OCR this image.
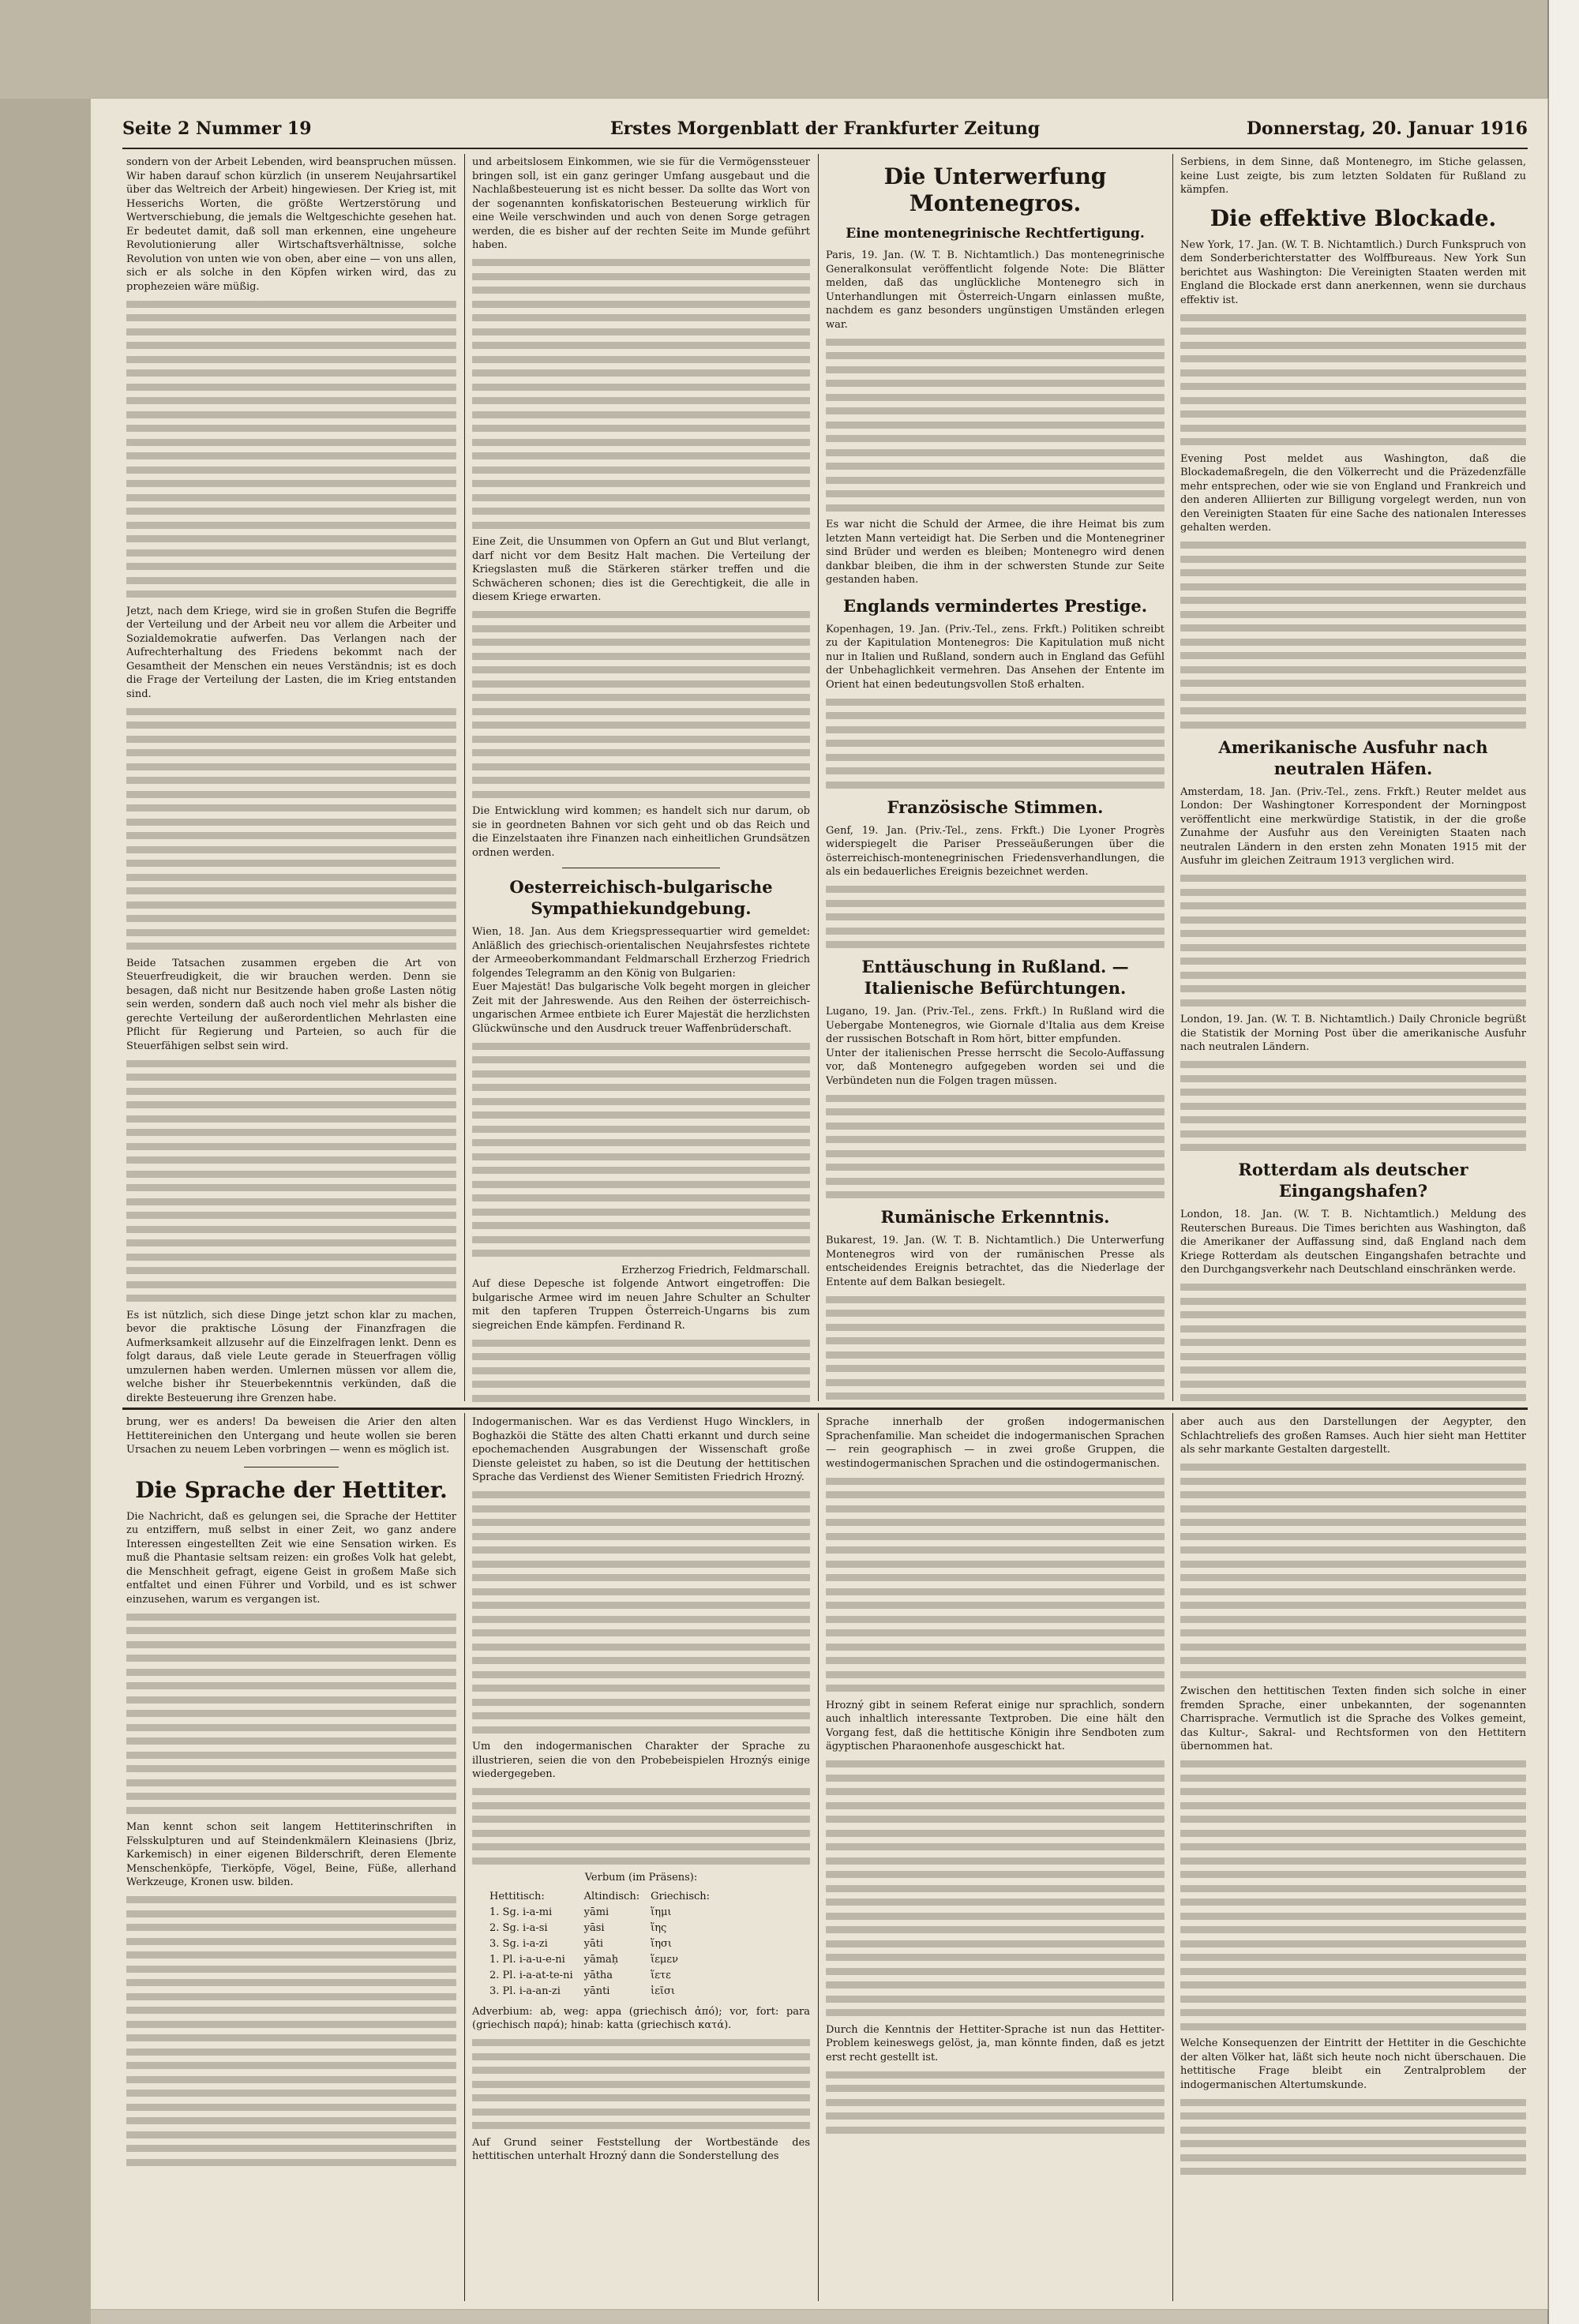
Seite 2 Nummer 19	Erstes Morgenblatt der Frankfurter Zeitung	Donnerstag, 20. Januar 1916

sondern von der Arbeit Lebenden, wird beanspruchen müssen. Wir haben darauf schon kürzlich (in unserem Neujahrsartikel über das Weltreich der Arbeit) hingewiesen. Der Krieg ist, mit Hesserichs Worten, die größte Wertzerstörung und Wertverschiebung, die jemals die Weltgeschichte gesehen hat. Er bedeutet damit, daß soll man erkennen, eine ungeheure Revolutionierung aller Wirtschaftsverhältnisse, solche Revolution von unten wie von oben, aber eine — von uns allen, sich er als solche in den Köpfen wirken wird, das zu prophezeien wäre müßig.

Jetzt, nach dem Kriege, wird sie in großen Stufen die Begriffe der Verteilung und der Arbeit neu vor allem die Arbeiter und Sozialdemokratie aufwerfen. Das Verlangen nach der Aufrechterhaltung des Friedens bekommt nach der Gesamtheit der Menschen ein neues Verständnis; ist es doch die Frage der Verteilung der Lasten, die im Krieg entstanden sind.

Beide Tatsachen zusammen ergeben die Art von Steuerfreudigkeit, die wir brauchen werden. Denn sie besagen, daß nicht nur Besitzende haben große Lasten nötig sein werden, sondern daß auch noch viel mehr als bisher die gerechte Verteilung der außerordentlichen Mehrlasten eine Pflicht für Regierung und Parteien, so auch für die Steuerfähigen selbst sein wird.

Es ist nützlich, sich diese Dinge jetzt schon klar zu machen, bevor die praktische Lösung der Finanzfragen die Aufmerksamkeit allzusehr auf die Einzelfragen lenkt. Denn es folgt daraus, daß viele Leute gerade in Steuerfragen völlig umzulernen haben werden. Umlernen müssen vor allem die, welche bisher ihr Steuerbekenntnis verkünden, daß die direkte Besteuerung ihre Grenzen habe.

und arbeitslosem Einkommen, wie sie für die Vermögenssteuer bringen soll, ist ein ganz geringer Umfang ausgebaut und die Nachlaßbesteuerung ist es nicht besser. Da sollte das Wort von der sogenannten konfiskatorischen Besteuerung wirklich für eine Weile verschwinden und auch von denen Sorge getragen werden, die es bisher auf der rechten Seite im Munde geführt haben.

Eine Zeit, die Unsummen von Opfern an Gut und Blut verlangt, darf nicht vor dem Besitz Halt machen. Die Verteilung der Kriegslasten muß die Stärkeren stärker treffen und die Schwächeren schonen; dies ist die Gerechtigkeit, die alle in diesem Kriege erwarten.

Die Entwicklung wird kommen; es handelt sich nur darum, ob sie in geordneten Bahnen vor sich geht und ob das Reich und die Einzelstaaten ihre Finanzen nach einheitlichen Grundsätzen ordnen werden.

Oesterreichisch-bulgarische Sympathiekundgebung.

Wien, 18. Jan. Aus dem Kriegspressequartier wird gemeldet: Anläßlich des griechisch-orientalischen Neujahrsfestes richtete der Armeeoberkommandant Feldmarschall Erzherzog Friedrich folgendes Telegramm an den König von Bulgarien:

Euer Majestät! Das bulgarische Volk begeht morgen in gleicher Zeit mit der Jahreswende. Aus den Reihen der österreichisch-ungarischen Armee entbiete ich Eurer Majestät die herzlichsten Glückwünsche und den Ausdruck treuer Waffenbrüderschaft.

Erzherzog Friedrich, Feldmarschall.

Auf diese Depesche ist folgende Antwort eingetroffen: Die bulgarische Armee wird im neuen Jahre Schulter an Schulter mit den tapferen Truppen Österreich-Ungarns bis zum siegreichen Ende kämpfen. Ferdinand R.

Die Unterwerfung Montenegros.
Eine montenegrinische Rechtfertigung.

Paris, 19. Jan. (W. T. B. Nichtamtlich.) Das montenegrinische Generalkonsulat veröffentlicht folgende Note: Die Blätter melden, daß das unglückliche Montenegro sich in Unterhandlungen mit Österreich-Ungarn einlassen mußte, nachdem es ganz besonders ungünstigen Umständen erlegen war.

Es war nicht die Schuld der Armee, die ihre Heimat bis zum letzten Mann verteidigt hat. Die Serben und die Montenegriner sind Brüder und werden es bleiben; Montenegro wird denen dankbar bleiben, die ihm in der schwersten Stunde zur Seite gestanden haben.

Englands vermindertes Prestige.

Kopenhagen, 19. Jan. (Priv.-Tel., zens. Frkft.) Politiken schreibt zu der Kapitulation Montenegros: Die Kapitulation muß nicht nur in Italien und Rußland, sondern auch in England das Gefühl der Unbehaglichkeit vermehren. Das Ansehen der Entente im Orient hat einen bedeutungsvollen Stoß erhalten.

Französische Stimmen.

Genf, 19. Jan. (Priv.-Tel., zens. Frkft.) Die Lyoner Progrès widerspiegelt die Pariser Presseäußerungen über die österreichisch-montenegrinischen Friedensverhandlungen, die als ein bedauerliches Ereignis bezeichnet werden.

Enttäuschung in Rußland. — Italienische Befürchtungen.

Lugano, 19. Jan. (Priv.-Tel., zens. Frkft.) In Rußland wird die Uebergabe Montenegros, wie Giornale d'Italia aus dem Kreise der russischen Botschaft in Rom hört, bitter empfunden.

Unter der italienischen Presse herrscht die Secolo-Auffassung vor, daß Montenegro aufgegeben worden sei und die Verbündeten nun die Folgen tragen müssen.

Rumänische Erkenntnis.

Bukarest, 19. Jan. (W. T. B. Nichtamtlich.) Die Unterwerfung Montenegros wird von der rumänischen Presse als entscheidendes Ereignis betrachtet, das die Niederlage der Entente auf dem Balkan besiegelt.

Serbiens, in dem Sinne, daß Montenegro, im Stiche gelassen, keine Lust zeigte, bis zum letzten Soldaten für Rußland zu kämpfen.

Die effektive Blockade.

New York, 17. Jan. (W. T. B. Nichtamtlich.) Durch Funkspruch von dem Sonderberichterstatter des Wolffbureaus. New York Sun berichtet aus Washington: Die Vereinigten Staaten werden mit England die Blockade erst dann anerkennen, wenn sie durchaus effektiv ist.

Evening Post meldet aus Washington, daß die Blockademaßregeln, die den Völkerrecht und die Präzedenzfälle mehr entsprechen, oder wie sie von England und Frankreich und den anderen Alliierten zur Billigung vorgelegt werden, nun von den Vereinigten Staaten für eine Sache des nationalen Interesses gehalten werden.

Amerikanische Ausfuhr nach neutralen Häfen.

Amsterdam, 18. Jan. (Priv.-Tel., zens. Frkft.) Reuter meldet aus London: Der Washingtoner Korrespondent der Morningpost veröffentlicht eine merkwürdige Statistik, in der die große Zunahme der Ausfuhr aus den Vereinigten Staaten nach neutralen Ländern in den ersten zehn Monaten 1915 mit der Ausfuhr im gleichen Zeitraum 1913 verglichen wird.

London, 19. Jan. (W. T. B. Nichtamtlich.) Daily Chronicle begrüßt die Statistik der Morning Post über die amerikanische Ausfuhr nach neutralen Ländern.

Rotterdam als deutscher Eingangshafen?

London, 18. Jan. (W. T. B. Nichtamtlich.) Meldung des Reuterschen Bureaus. Die Times berichten aus Washington, daß die Amerikaner der Auffassung sind, daß England nach dem Kriege Rotterdam als deutschen Eingangshafen betrachte und den Durchgangsverkehr nach Deutschland einschränken werde.

brung, wer es anders! Da beweisen die Arier den alten Hettitereinichen den Untergang und heute wollen sie beren Ursachen zu neuem Leben vorbringen — wenn es möglich ist.

Die Sprache der Hettiter.

Die Nachricht, daß es gelungen sei, die Sprache der Hettiter zu entziffern, muß selbst in einer Zeit, wo ganz andere Interessen eingestellten Zeit wie eine Sensation wirken. Es muß die Phantasie seltsam reizen: ein großes Volk hat gelebt, die Menschheit gefragt, eigene Geist in großem Maße sich entfaltet und einen Führer und Vorbild, und es ist schwer einzusehen, warum es vergangen ist.

Man kennt schon seit langem Hettiterinschriften in Felsskulpturen und auf Steindenkmälern Kleinasiens (Jbriz, Karkemisch) in einer eigenen Bilderschrift, deren Elemente Menschenköpfe, Tierköpfe, Vögel, Beine, Füße, allerhand Werkzeuge, Kronen usw. bilden.

Indogermanischen. War es das Verdienst Hugo Wincklers, in Boghazköi die Stätte des alten Chatti erkannt und durch seine epochemachenden Ausgrabungen der Wissenschaft große Dienste geleistet zu haben, so ist die Deutung der hettitischen Sprache das Verdienst des Wiener Semitisten Friedrich Hrozný.

Um den indogermanischen Charakter der Sprache zu illustrieren, seien die von den Probebeispielen Hroznýs einige wiedergegeben.

Verbum (im Präsens):

Hettitisch:	Altindisch:	Griechisch:
1. Sg. i-a-mi	yāmi	ἵημι
2. Sg. i-a-si	yāsi	ἵης
3. Sg. i-a-zi	yāti	ἵησι
1. Pl. i-a-u-e-ni	yāmaḥ	ἵεμεν
2. Pl. i-a-at-te-ni	yātha	ἵετε
3. Pl. i-a-an-zi	yānti	ἱεῖσι

Adverbium: ab, weg: appa (griechisch ἀπό); vor, fort: para (griechisch παρά); hinab: katta (griechisch κατά).

Auf Grund seiner Feststellung der Wortbestände des hettitischen unterhalt Hrozný dann die Sonderstellung des

Sprache innerhalb der großen indogermanischen Sprachenfamilie. Man scheidet die indogermanischen Sprachen — rein geographisch — in zwei große Gruppen, die westindogermanischen Sprachen und die ostindogermanischen.

Hrozný gibt in seinem Referat einige nur sprachlich, sondern auch inhaltlich interessante Textproben. Die eine hält den Vorgang fest, daß die hettitische Königin ihre Sendboten zum ägyptischen Pharaonenhofe ausgeschickt hat.

Durch die Kenntnis der Hettiter-Sprache ist nun das Hettiter-Problem keineswegs gelöst, ja, man könnte finden, daß es jetzt erst recht gestellt ist.

aber auch aus den Darstellungen der Aegypter, den Schlachtreliefs des großen Ramses. Auch hier sieht man Hettiter als sehr markante Gestalten dargestellt.

Zwischen den hettitischen Texten finden sich solche in einer fremden Sprache, einer unbekannten, der sogenannten Charrisprache. Vermutlich ist die Sprache des Volkes gemeint, das Kultur-, Sakral- und Rechtsformen von den Hettitern übernommen hat.

Welche Konsequenzen der Eintritt der Hettiter in die Geschichte der alten Völker hat, läßt sich heute noch nicht überschauen. Die hettitische Frage bleibt ein Zentralproblem der indogermanischen Altertumskunde.
